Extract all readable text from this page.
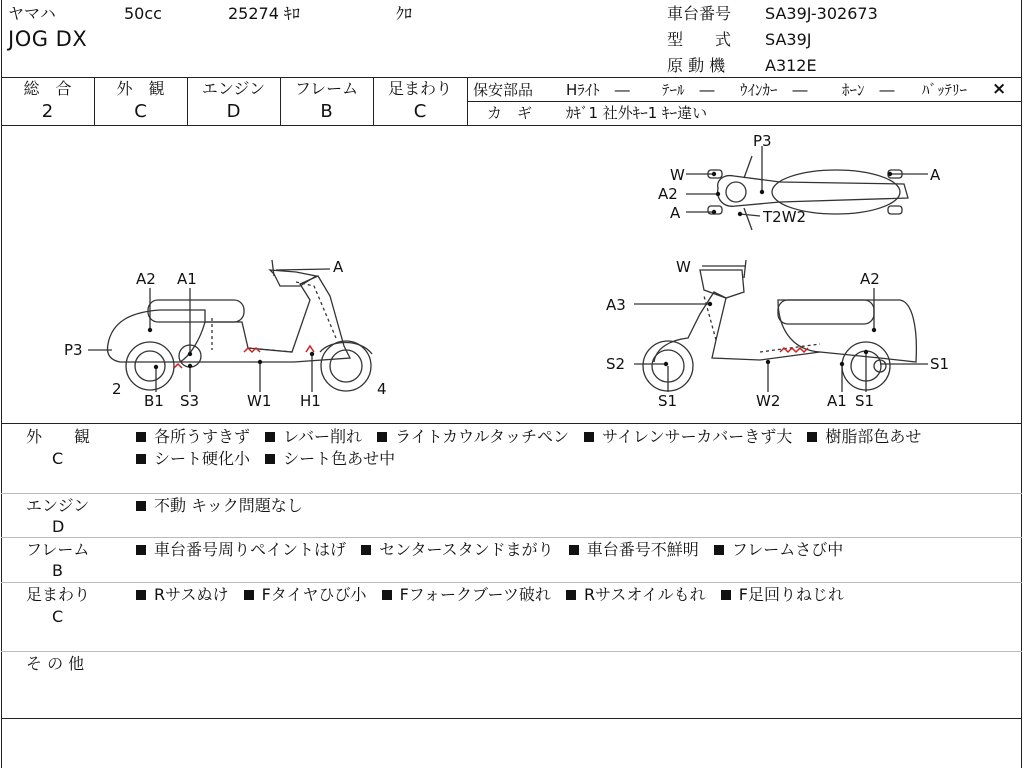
ヤマハ	50cc	25274 ｷﾛ	ｸﾛ
JOG DX
車台番号 SA39J-302673
型　　式 SA39J
原 動 機 A312E
総　合
2
外　観
C
エンジン
D
フレーム
B
足まわり
C
保安部品 Hﾗｲﾄ　― ﾃｰﾙ　― ｳｲﾝｶｰ　― ﾎｰﾝ　― ﾊﾞｯﾃﾘｰ ×
カ　ギ ｶｷﾞ1 社外ｷｰ1 ｷｰ違い
A2 A1
A
P3
2
B1 S3	W1 H1
4
P3
W
A2
A	T2W2
A
W
A3
A2
S2	S1
S1	W2	A1 S1
外　　観
C
各所うすきず レバー削れ ライトカウルタッチペン サイレンサーカバーきず大 樹脂部色あせ
シート硬化小 シート色あせ中
エンジン
D
不動 キック問題なし
フレーム
B
車台番号周りペイントはげ センタースタンドまがり 車台番号不鮮明 フレームさび中
足まわり
C
Rサスぬけ Fタイヤひび小 Fフォークブーツ破れ Rサスオイルもれ F足回りねじれ
そ の 他
